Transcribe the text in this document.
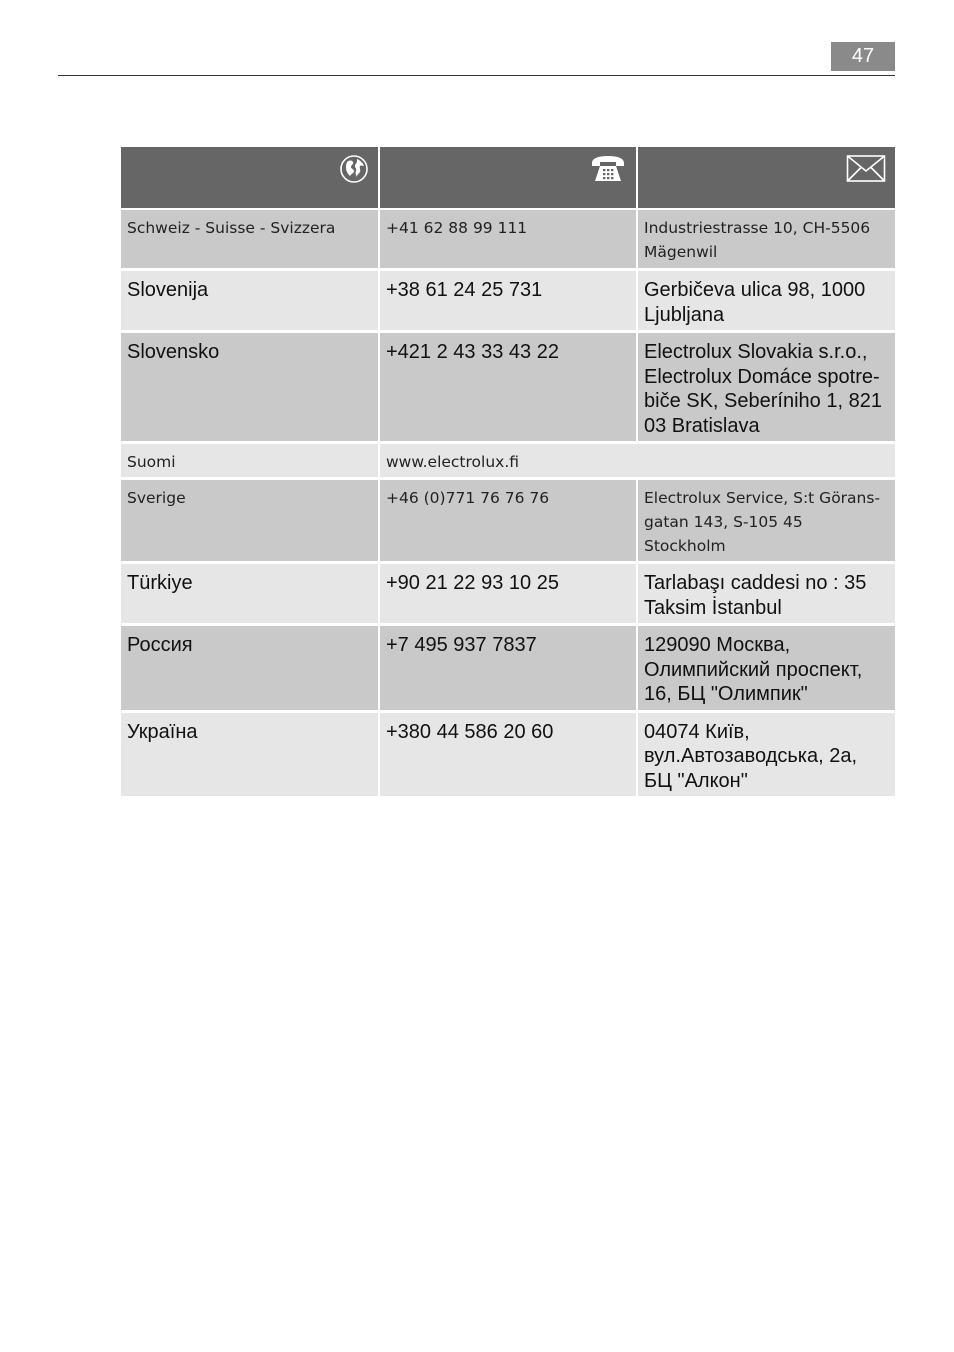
47

Schweiz - Suisse - Svizzera	+41 62 88 99 111	Industriestrasse 10, CH-5506 Mägenwil
Slovenija	+38 61 24 25 731	Gerbičeva ulica 98, 1000 Ljubljana
Slovensko	+421 2 43 33 43 22	Electrolux Slovakia s.r.o., Electrolux Domáce spotre-biče SK, Seberíniho 1, 821 03 Bratislava
Suomi	www.electrolux.fi	
Sverige	+46 (0)771 76 76 76	Electrolux Service, S:t Görans-gatan 143, S-105 45 Stockholm
Türkiye	+90 21 22 93 10 25	Tarlabaşı caddesi no : 35 Taksim İstanbul
Россия	+7 495 937 7837	129090 Москва, Олимпийский проспект, 16, БЦ "Олимпик"
Україна	+380 44 586 20 60	04074 Київ, вул.Автозаводська, 2а, БЦ "Алкон"
